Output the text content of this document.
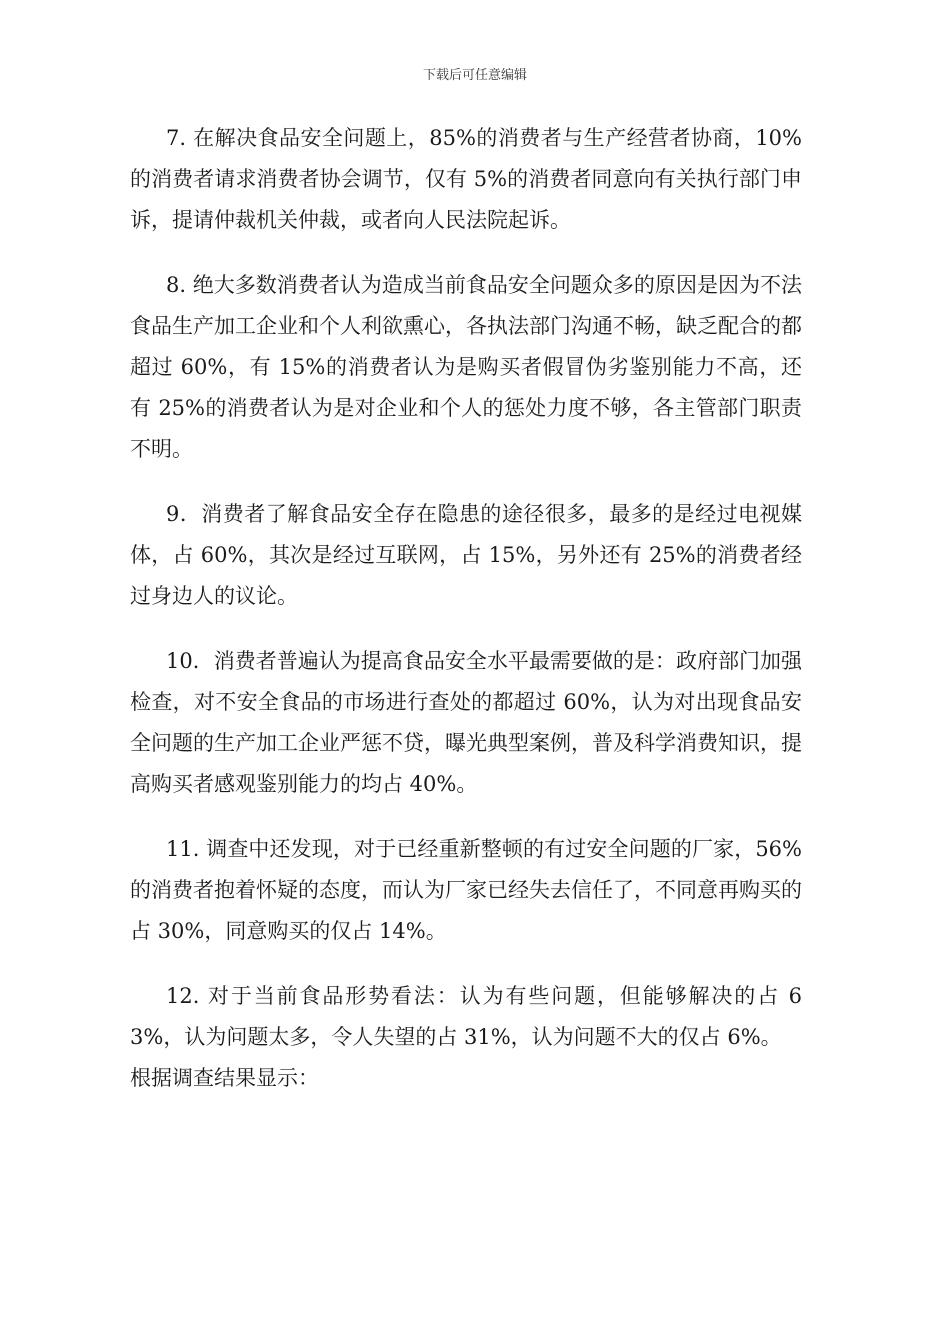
下载后可任意编辑

7. 在解决食品安全问题上，85%的消费者与生产经营者协商，10%的消费者请求消费者协会调节，仅有 5%的消费者同意向有关执行部门申诉，提请仲裁机关仲裁，或者向人民法院起诉。

8. 绝大多数消费者认为造成当前食品安全问题众多的原因是因为不法食品生产加工企业和个人利欲熏心，各执法部门沟通不畅，缺乏配合的都超过 60%，有 15%的消费者认为是购买者假冒伪劣鉴别能力不高，还有 25%的消费者认为是对企业和个人的惩处力度不够，各主管部门职责不明。

9．消费者了解食品安全存在隐患的途径很多，最多的是经过电视媒体，占 60%，其次是经过互联网，占 15%，另外还有 25%的消费者经过身边人的议论。

10．消费者普遍认为提高食品安全水平最需要做的是：政府部门加强检查，对不安全食品的市场进行查处的都超过 60%，认为对出现食品安全问题的生产加工企业严惩不贷，曝光典型案例，普及科学消费知识，提高购买者感观鉴别能力的均占 40%。

11. 调查中还发现，对于已经重新整顿的有过安全问题的厂家，56%的消费者抱着怀疑的态度，而认为厂家已经失去信任了，不同意再购买的占 30%，同意购买的仅占 14%。

12. 对于当前食品形势看法：认为有些问题，但能够解决的占 63%，认为问题太多，令人失望的占 31%，认为问题不大的仅占 6%。

根据调查结果显示：
